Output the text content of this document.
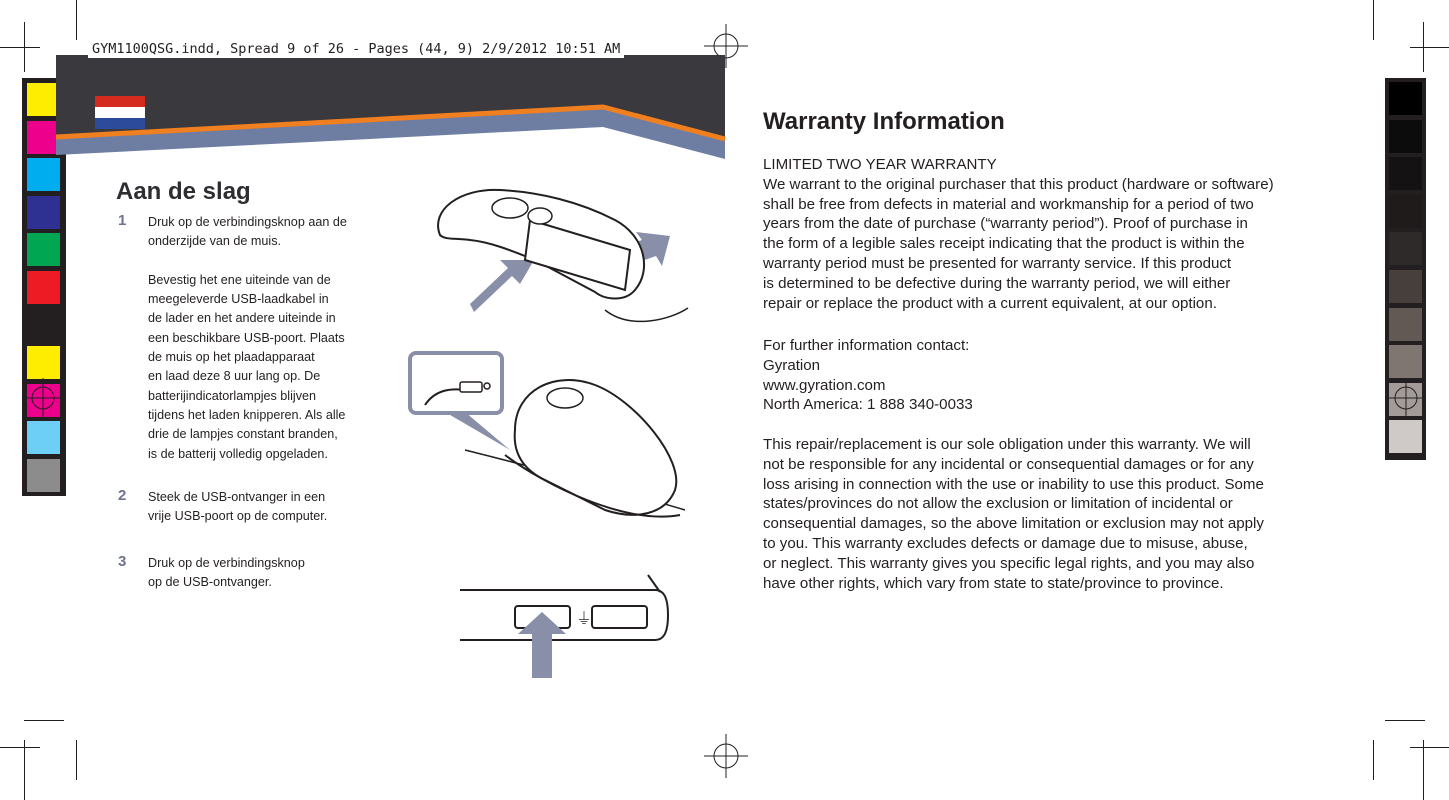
GYM1100QSG.indd, Spread 9 of 26 - Pages (44, 9) 2/9/2012 10:51 AM
Aan de slag
1 Druk op de verbindingsknop aan de
onderzijde van de muis.

Bevestig het ene uiteinde van de
meegeleverde USB-laadkabel in
de lader en het andere uiteinde in
een beschikbare USB-poort. Plaats
de muis op het plaadapparaat
en laad deze 8 uur lang op. De
batterijindicatorlampjes blijven
tijdens het laden knipperen. Als alle
drie de lampjes constant branden,
is de batterij volledig opgeladen.
2 Steek de USB-ontvanger in een
vrije USB-poort op de computer.
3 Druk op de verbindingsknop
op de USB-ontvanger.
⏚
Warranty Information
LIMITED TWO YEAR WARRANTY
We warrant to the original purchaser that this product (hardware or software)
shall be free from defects in material and workmanship for a period of two
years from the date of purchase (“warranty period”). Proof of purchase in
the form of a legible sales receipt indicating that the product is within the
warranty period must be presented for warranty service. If this product
is determined to be defective during the warranty period, we will either
repair or replace the product with a current equivalent, at our option.
For further information contact:
Gyration
www.gyration.com
North America: 1 888 340-0033
This repair/replacement is our sole obligation under this warranty. We will
not be responsible for any incidental or consequential damages or for any
loss arising in connection with the use or inability to use this product. Some
states/provinces do not allow the exclusion or limitation of incidental or
consequential damages, so the above limitation or exclusion may not apply
to you. This warranty excludes defects or damage due to misuse, abuse,
or neglect. This warranty gives you specific legal rights, and you may also
have other rights, which vary from state to state/province to province.
